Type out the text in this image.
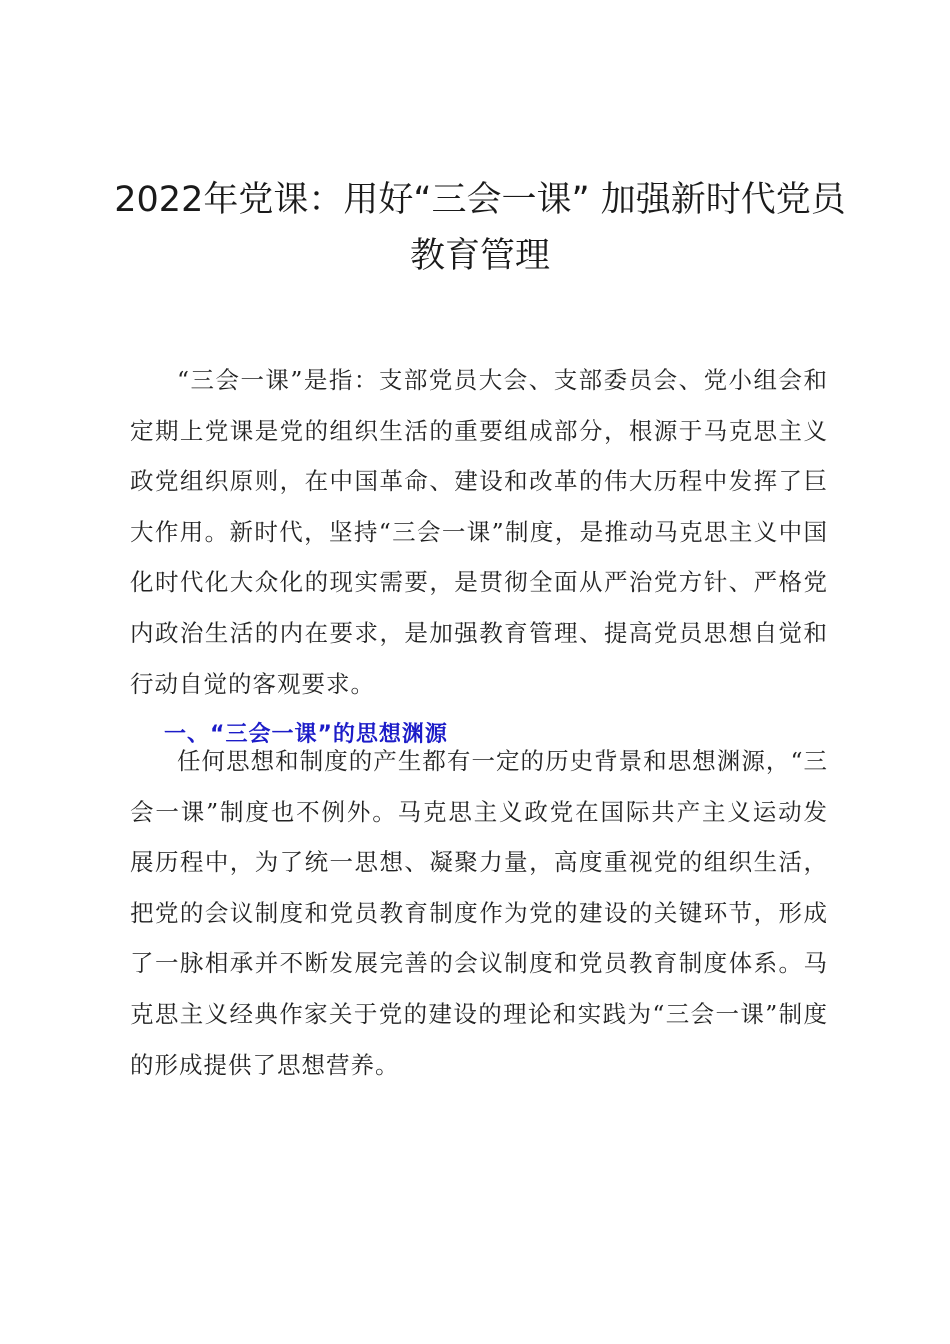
2022年党课：用好“三会一课” 加强新时代党员教育管理

“三会一课”是指：支部党员大会、支部委员会、党小组会和定期上党课是党的组织生活的重要组成部分，根源于马克思主义政党组织原则，在中国革命、建设和改革的伟大历程中发挥了巨大作用。新时代，坚持“三会一课”制度，是推动马克思主义中国化时代化大众化的现实需要，是贯彻全面从严治党方针、严格党内政治生活的内在要求，是加强教育管理、提高党员思想自觉和行动自觉的客观要求。

一、“三会一课”的思想渊源

任何思想和制度的产生都有一定的历史背景和思想渊源，“三会一课”制度也不例外。马克思主义政党在国际共产主义运动发展历程中，为了统一思想、凝聚力量，高度重视党的组织生活，把党的会议制度和党员教育制度作为党的建设的关键环节，形成了一脉相承并不断发展完善的会议制度和党员教育制度体系。马克思主义经典作家关于党的建设的理论和实践为“三会一课”制度的形成提供了思想营养。
